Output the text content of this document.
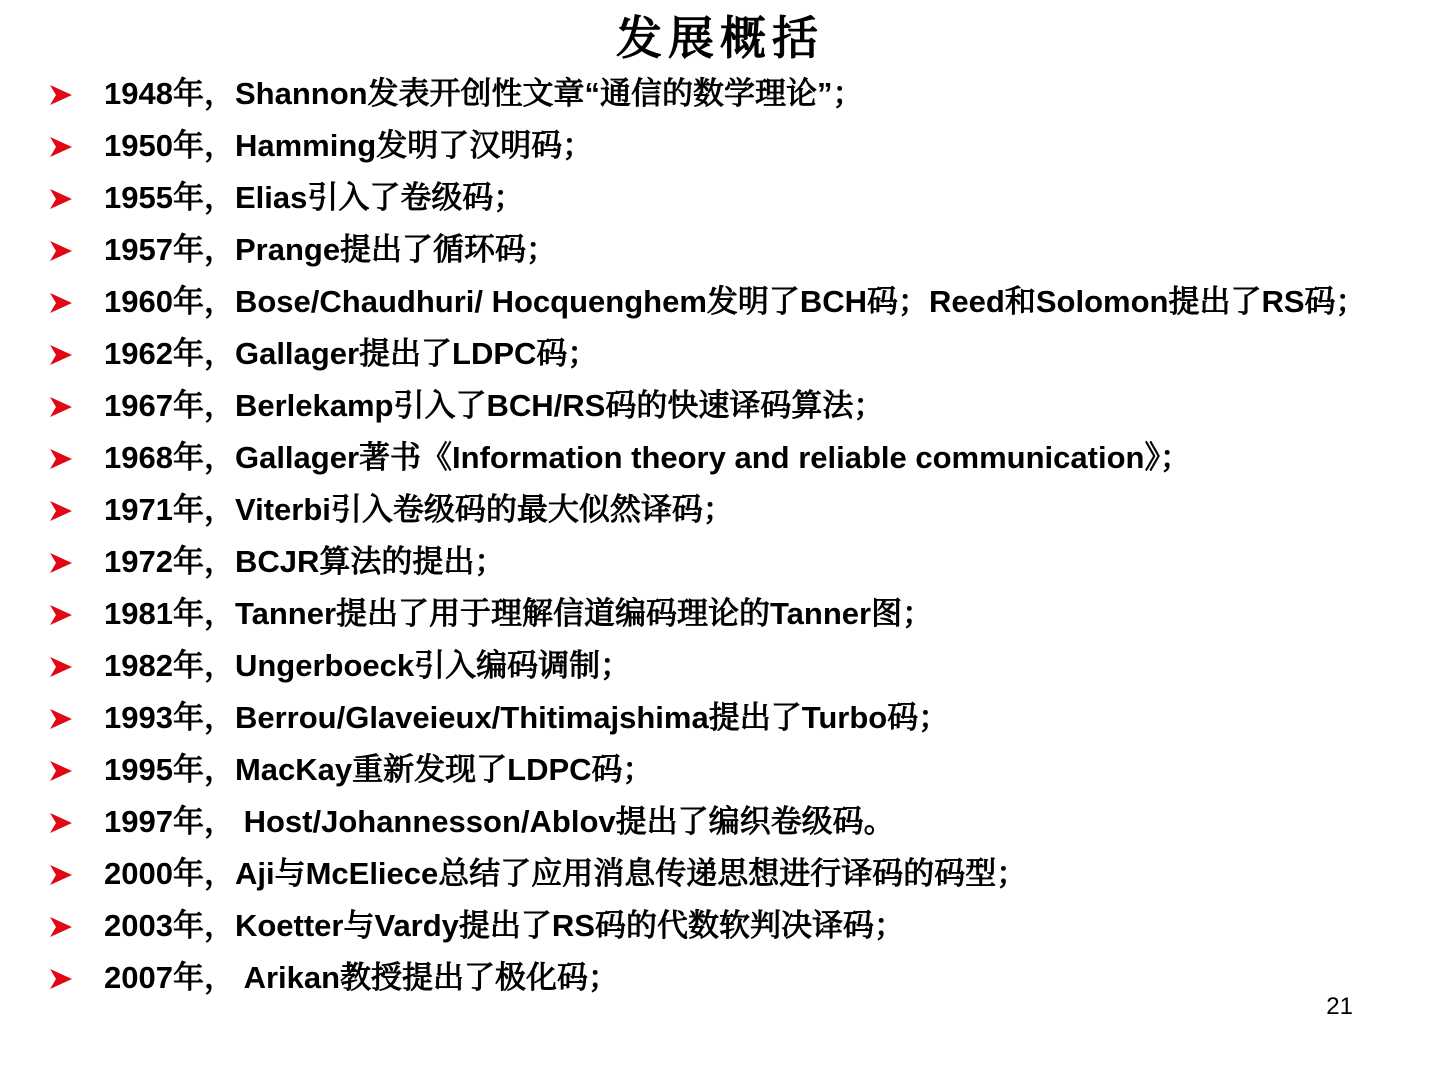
发展概括
1948年，Shannon发表开创性文章“通信的数学理论”；
1950年，Hamming发明了汉明码；
1955年，Elias引入了卷级码；
1957年，Prange提出了循环码；
1960年，Bose/Chaudhuri/ Hocquenghem发明了BCH码；Reed和Solomon提出了RS码；
1962年，Gallager提出了LDPC码；
1967年，Berlekamp引入了BCH/RS码的快速译码算法；
1968年，Gallager著书《Information theory and reliable communication》；
1971年，Viterbi引入卷级码的最大似然译码；
1972年，BCJR算法的提出；
1981年，Tanner提出了用于理解信道编码理论的Tanner图；
1982年，Ungerboeck引入编码调制；
1993年，Berrou/Glaveieux/Thitimajshima提出了Turbo码；
1995年，MacKay重新发现了LDPC码；
1997年， Host/Johannesson/Ablov提出了编织卷级码。
2000年，Aji与McEliece总结了应用消息传递思想进行译码的码型；
2003年，Koetter与Vardy提出了RS码的代数软判决译码；
2007年， Arikan教授提出了极化码；
21
